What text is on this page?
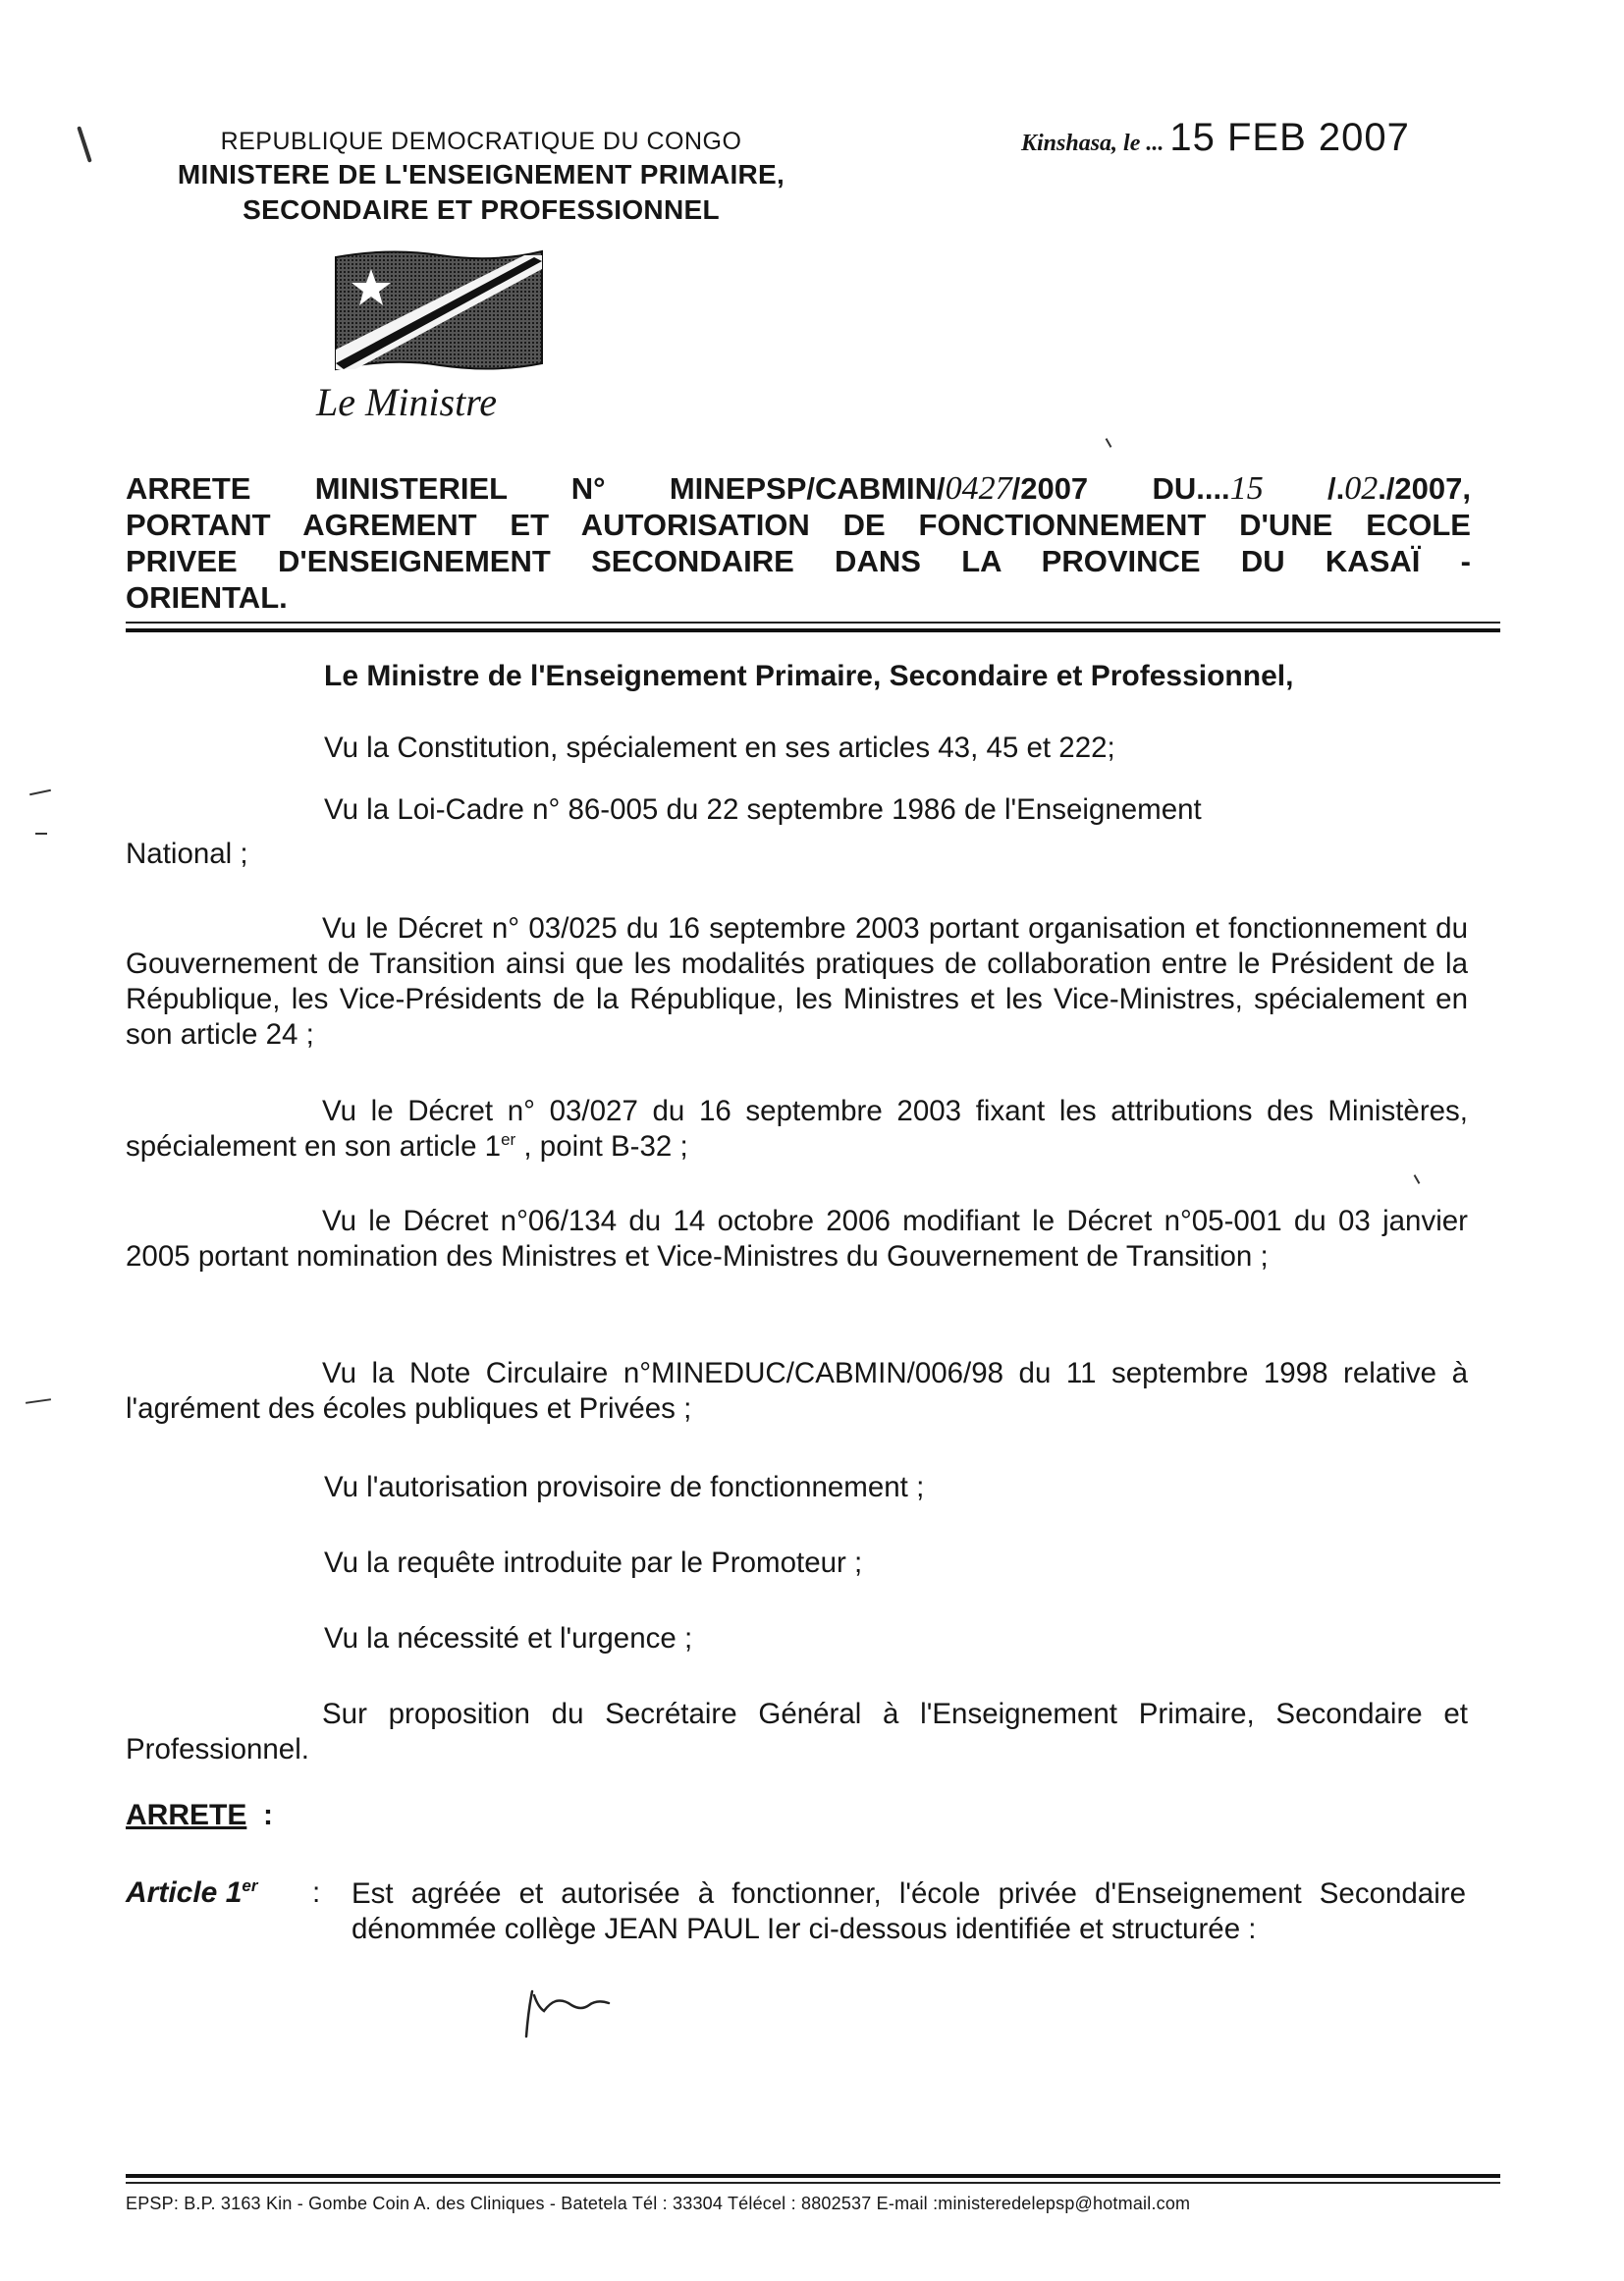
REPUBLIQUE DEMOCRATIQUE DU CONGO
MINISTERE DE L'ENSEIGNEMENT PRIMAIRE,
SECONDAIRE ET PROFESSIONNEL
Le Ministre
Kinshasa, le ... 15 FEB 2007
ARRETE MINISTERIEL N° MINEPSP/CABMIN/0427/2007 DU....15 /.02./2007,
PORTANT AGREMENT ET AUTORISATION DE FONCTIONNEMENT D'UNE ECOLE
PRIVEE D'ENSEIGNEMENT SECONDAIRE DANS LA PROVINCE DU KASAÏ -
ORIENTAL.
Le Ministre de l'Enseignement Primaire, Secondaire et Professionnel,
Vu la Constitution, spécialement en ses articles 43, 45 et 222;
Vu la Loi-Cadre n° 86-005 du 22 septembre 1986 de l'Enseignement
National ;
Vu le Décret n° 03/025 du 16 septembre 2003 portant organisation et fonctionnement du Gouvernement de Transition ainsi que les modalités pratiques de collaboration entre le Président de la République, les Vice-Présidents de la République, les Ministres et les Vice-Ministres, spécialement en son article 24 ;
Vu le Décret n° 03/027 du 16 septembre 2003 fixant les attributions des Ministères, spécialement en son article 1er , point B-32 ;
Vu le Décret n°06/134 du 14 octobre 2006 modifiant le Décret n°05-001 du 03 janvier 2005 portant nomination des Ministres et Vice-Ministres du Gouvernement de Transition ;
Vu la Note Circulaire n°MINEDUC/CABMIN/006/98 du 11 septembre 1998 relative à l'agrément des écoles publiques et Privées ;
Vu l'autorisation provisoire de fonctionnement ;
Vu la requête introduite par le Promoteur ;
Vu la nécessité et l'urgence ;
Sur proposition du Secrétaire Général à l'Enseignement Primaire, Secondaire et Professionnel.
ARRETE :
Article 1er : Est agréée et autorisée à fonctionner, l'école privée d'Enseignement Secondaire dénommée collège JEAN PAUL Ier ci-dessous identifiée et structurée :
EPSP: B.P. 3163 Kin - Gombe Coin A. des Cliniques - Batetela Tél : 33304 Télécel : 8802537 E-mail :ministeredelepsp@hotmail.com
